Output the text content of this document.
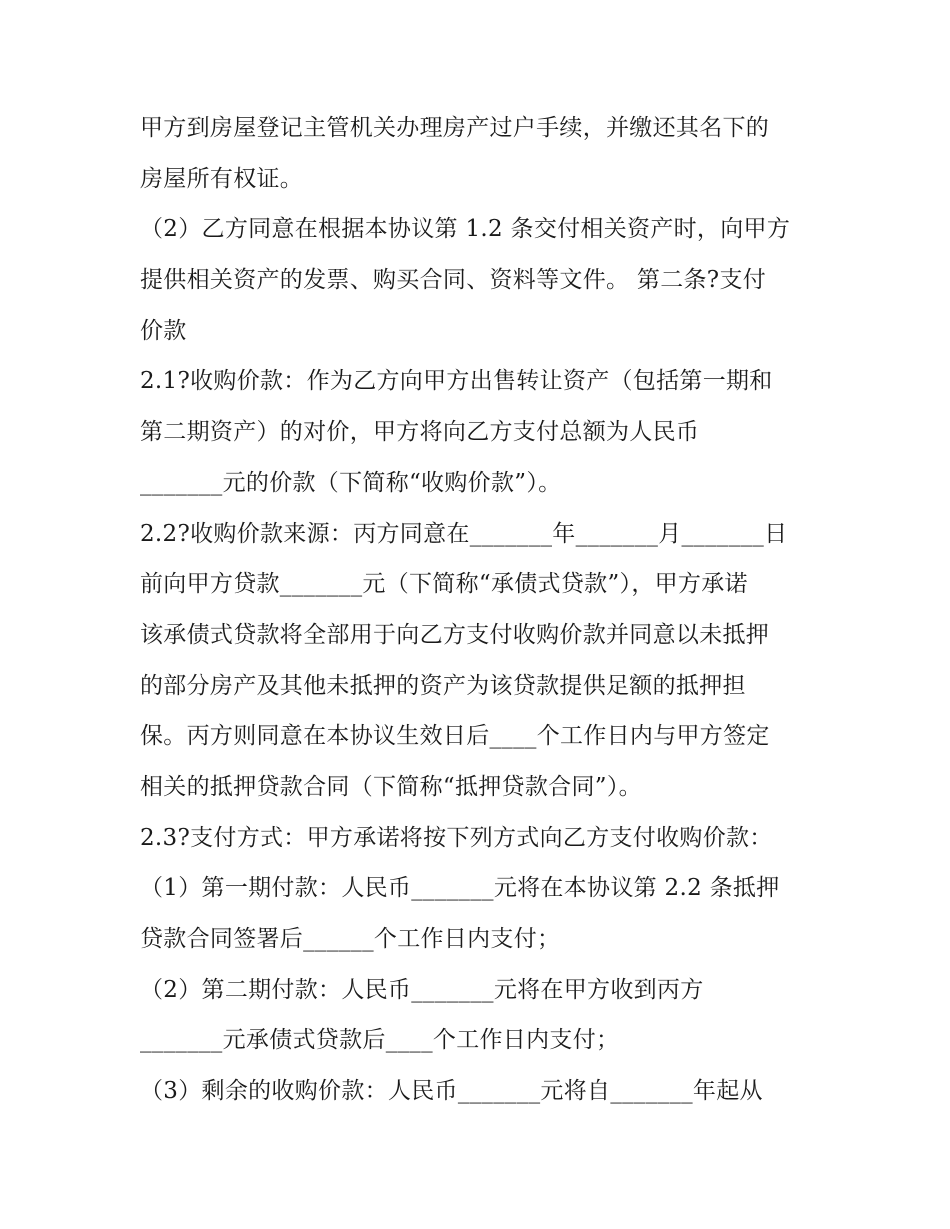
甲方到房屋登记主管机关办理房产过户手续，并缴还其名下的
房屋所有权证。
（2）乙方同意在根据本协议第 1.2 条交付相关资产时，向甲方
提供相关资产的发票、购买合同、资料等文件。 第二条?支付
价款
2.1?收购价款：作为乙方向甲方出售转让资产（包括第一期和
第二期资产）的对价，甲方将向乙方支付总额为人民币
_______元的价款（下简称“收购价款”）。
2.2?收购价款来源：丙方同意在_______年_______月_______日
前向甲方贷款_______元（下简称“承债式贷款”），甲方承诺
该承债式贷款将全部用于向乙方支付收购价款并同意以未抵押
的部分房产及其他未抵押的资产为该贷款提供足额的抵押担
保。丙方则同意在本协议生效日后____个工作日内与甲方签定
相关的抵押贷款合同（下简称“抵押贷款合同”）。
2.3?支付方式：甲方承诺将按下列方式向乙方支付收购价款：
（1）第一期付款：人民币_______元将在本协议第 2.2 条抵押
贷款合同签署后______个工作日内支付；
（2）第二期付款：人民币_______元将在甲方收到丙方
_______元承债式贷款后____个工作日内支付；
（3）剩余的收购价款：人民币_______元将自_______年起从
